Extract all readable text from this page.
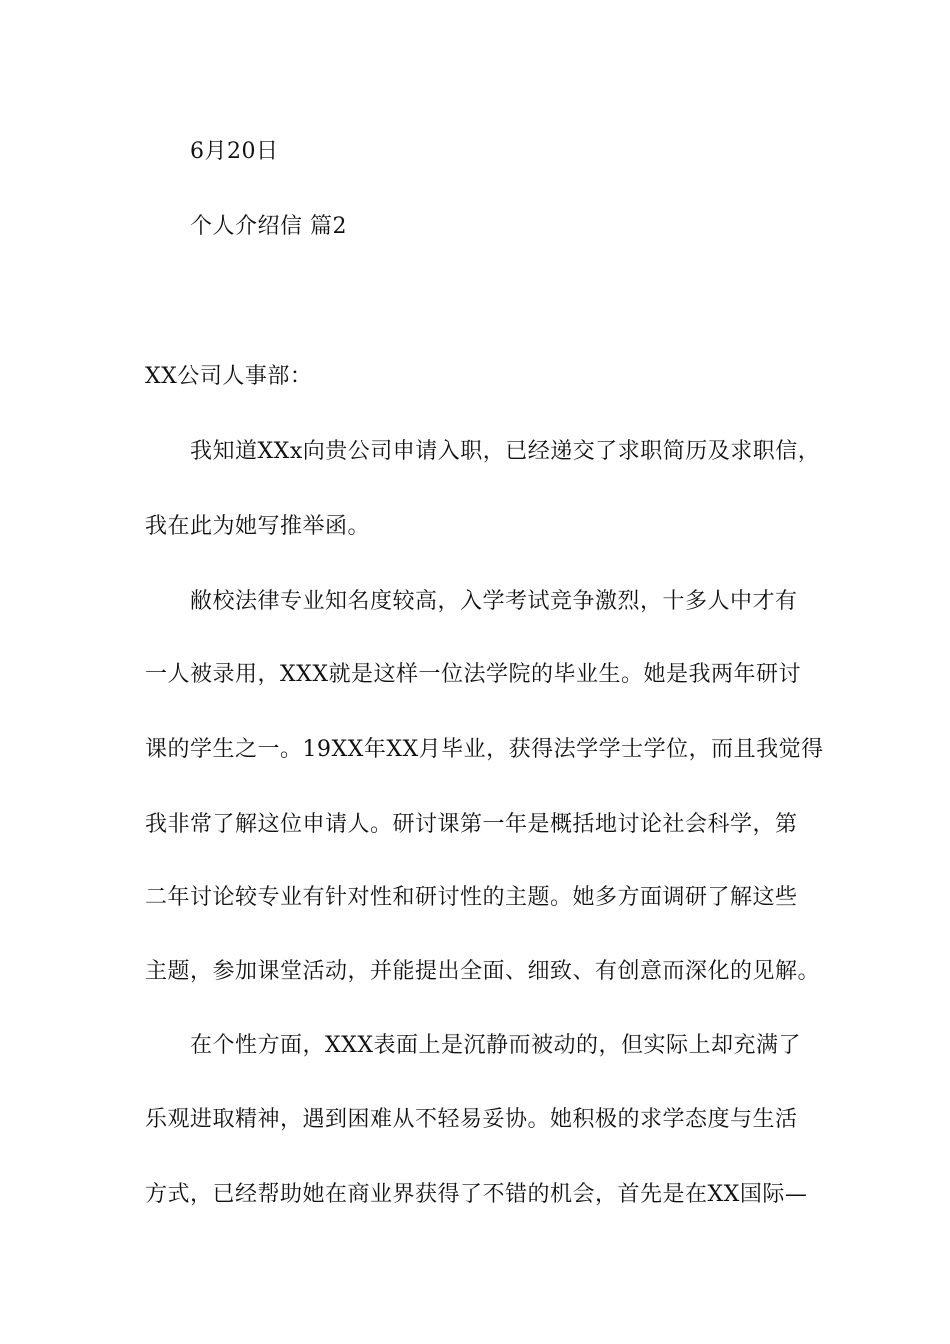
6月20日
个人介绍信 篇2
XX公司人事部：
我知道XXx向贵公司申请入职，已经递交了求职简历及求职信，
我在此为她写推举函。
敝校法律专业知名度较高，入学考试竞争激烈，十多人中才有
一人被录用，XXX就是这样一位法学院的毕业生。她是我两年研讨
课的学生之一。19XX年XX月毕业，获得法学学士学位，而且我觉得
我非常了解这位申请人。研讨课第一年是概括地讨论社会科学，第
二年讨论较专业有针对性和研讨性的主题。她多方面调研了解这些
主题，参加课堂活动，并能提出全面、细致、有创意而深化的见解。
在个性方面，XXX表面上是沉静而被动的，但实际上却充满了
乐观进取精神，遇到困难从不轻易妥协。她积极的求学态度与生活
方式，已经帮助她在商业界获得了不错的机会，首先是在XX国际—
